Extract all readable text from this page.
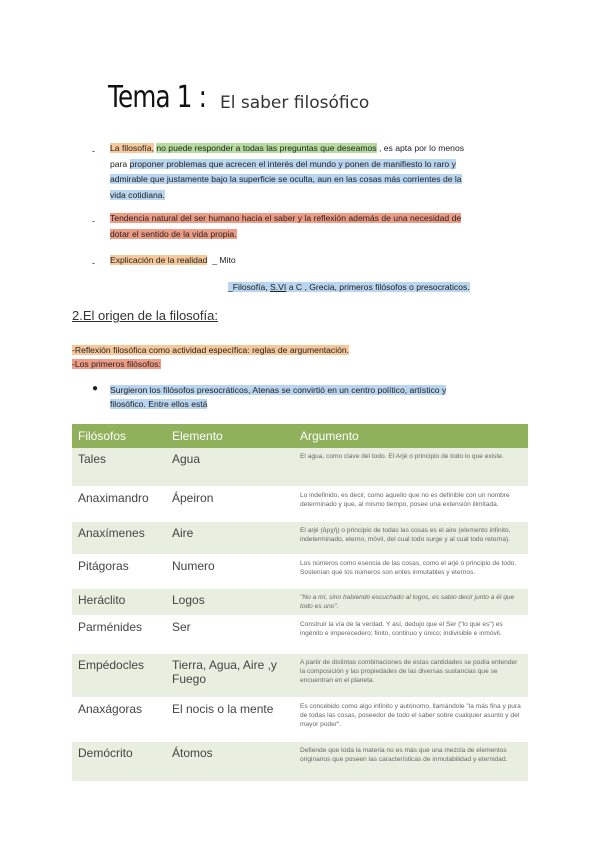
Tema 1 : El saber filosófico
- La filosofía, no puede responder a todas las preguntas que deseamos , es apta por lo menos
para proponer problemas que acrecen el interés del mundo y ponen de manifiesto lo raro y
admirable que justamente bajo la superficie se oculta, aun en las cosas más corrientes de la
vida cotidiana.
- Tendencia natural del ser humano hacia el saber y la reflexión además de una necesidad de
dotar el sentido de la vida propia.
- Explicación de la realidad _ Mito
_Filosofía, S.VI a C , Grecia, primeros filósofos o presocraticos.
2.El origen de la filosofía:
-Reflexión filosófica como actividad específica: reglas de argumentación.
-Los primeros filósofos:
● Surgieron los filósofos presocráticos, Atenas se convirtió en un centro político, artístico y
filosófico. Entre ellos está
Filósofos	Elemento	Argumento
Tales	Agua	El agua, como clave del todo. El Arjé o principio de todo lo que existe.
Anaximandro	Ápeiron	Lo indefinido, es decir, como aquello que no es definible con un nombre determinado y que, al mismo tiempo, posee una extensión ilimitada.
Anaxímenes	Aire	El arjé (ἀρχή) o principio de todas las cosas es el aire (elemento infinito, indeterminado, eterno, móvil, del cual todo surge y al cual todo retorna).
Pitágoras	Numero	Los números como esencia de las cosas, como el arjé o principio de todo. Sostenían que los números son entes inmutables y eternos.
Heráclito	Logos	"No a mí, sino habiendo escuchado al logos, es sabio decir junto a él que todo es uno".
Parménides	Ser	Construir la vía de la verdad. Y así, dedujo que el Ser ("lo que es") es ingénito e imperecedero; finito, continuo y único; indivisible e inmóvil.
Empédocles	Tierra, Agua, Aire ,y Fuego	A partir de distintas combinaciones de estas cantidades se podía entender la composición y las propiedades de las diversas sustancias que se encuentran en el planeta.
Anaxágoras	El nocis o la mente	Es concebido como algo infinito y autónomo, llamándole "la más fina y pura de todas las cosas, poseedor de todo el saber sobre cualquier asunto y del mayor poder".
Demócrito	Átomos	Defiende que toda la materia no es más que una mezcla de elementos originarios que poseen las características de inmutabilidad y eternidad.
